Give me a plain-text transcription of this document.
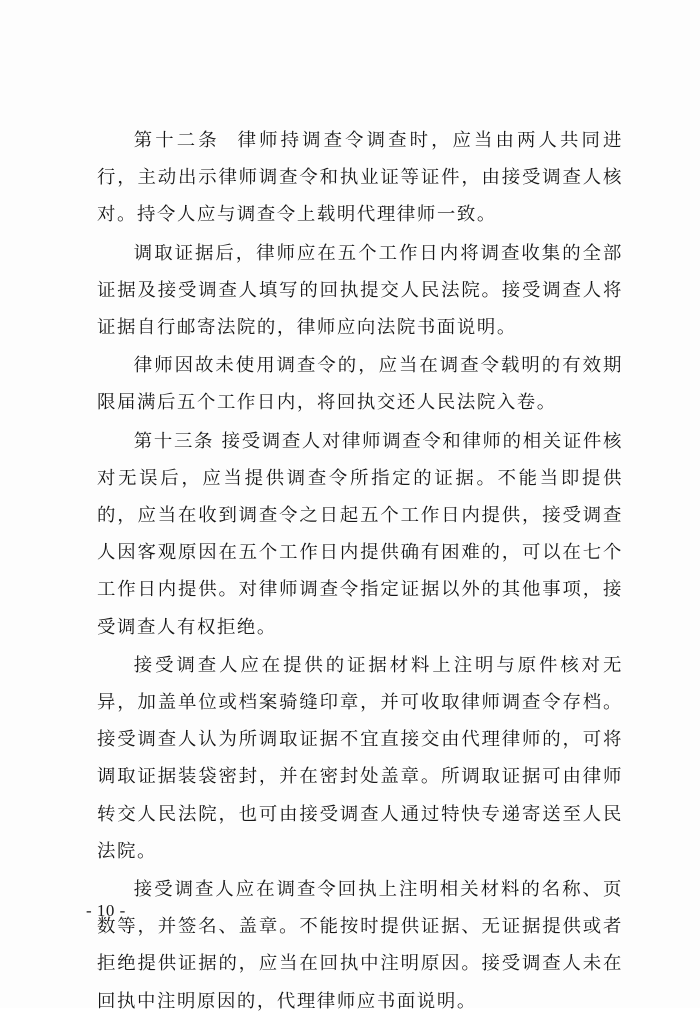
第十二条 律师持调查令调查时，应当由两人共同进行，主动出示律师调查令和执业证等证件，由接受调查人核对。持令人应与调查令上载明代理律师一致。

调取证据后，律师应在五个工作日内将调查收集的全部证据及接受调查人填写的回执提交人民法院。接受调查人将证据自行邮寄法院的，律师应向法院书面说明。

律师因故未使用调查令的，应当在调查令载明的有效期限届满后五个工作日内，将回执交还人民法院入卷。

第十三条 接受调查人对律师调查令和律师的相关证件核对无误后，应当提供调查令所指定的证据。不能当即提供的，应当在收到调查令之日起五个工作日内提供，接受调查人因客观原因在五个工作日内提供确有困难的，可以在七个工作日内提供。对律师调查令指定证据以外的其他事项，接受调查人有权拒绝。

接受调查人应在提供的证据材料上注明与原件核对无异，加盖单位或档案骑缝印章，并可收取律师调查令存档。接受调查人认为所调取证据不宜直接交由代理律师的，可将调取证据装袋密封，并在密封处盖章。所调取证据可由律师转交人民法院，也可由接受调查人通过特快专递寄送至人民法院。

接受调查人应在调查令回执上注明相关材料的名称、页数等，并签名、盖章。不能按时提供证据、无证据提供或者拒绝提供证据的，应当在回执中注明原因。接受调查人未在回执中注明原因的，代理律师应书面说明。

- 10 -
